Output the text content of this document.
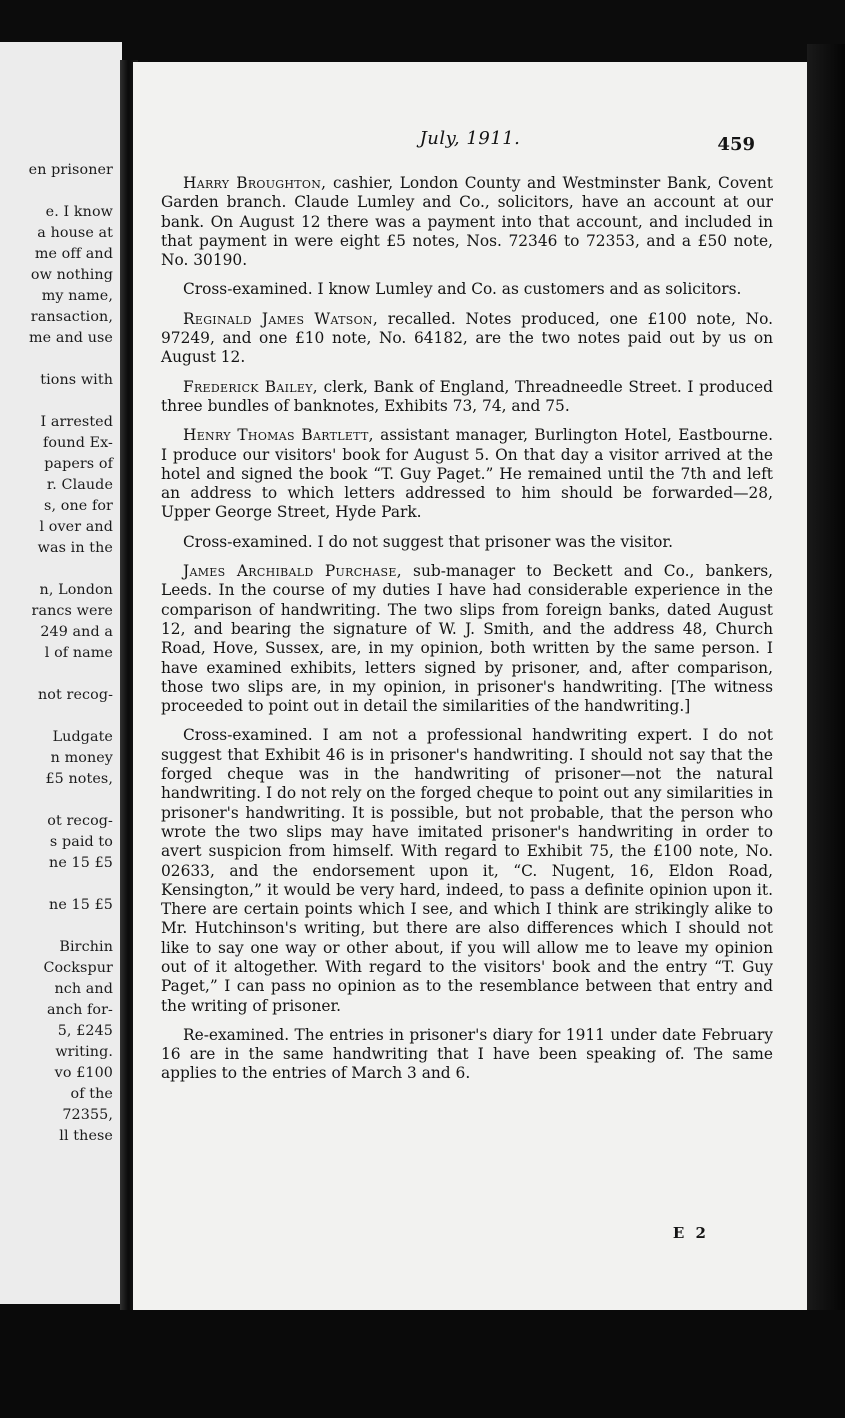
en prisoner
e. I know
a house at
me off and
ow nothing
my name,
ransaction,
me and use
tions with
I arrested
found Ex-
papers of
r. Claude
s, one for
l over and
was in the
n, London
rancs were
249 and a
l of name
not recog-
Ludgate
n money
£5 notes,
ot recog-
s paid to
ne 15 £5
ne 15 £5
Birchin
Cockspur
nch and
anch for-
5, £245
writing.
vo £100
of the
72355,
ll these
July, 1911.	459

Harry Broughton, cashier, London County and Westminster Bank, Covent Garden branch. Claude Lumley and Co., solicitors, have an account at our bank. On August 12 there was a payment into that account, and included in that payment in were eight £5 notes, Nos. 72346 to 72353, and a £50 note, No. 30190.

Cross-examined. I know Lumley and Co. as customers and as solicitors.

Reginald James Watson, recalled. Notes produced, one £100 note, No. 97249, and one £10 note, No. 64182, are the two notes paid out by us on August 12.

Frederick Bailey, clerk, Bank of England, Threadneedle Street. I produced three bundles of banknotes, Exhibits 73, 74, and 75.

Henry Thomas Bartlett, assistant manager, Burlington Hotel, Eastbourne. I produce our visitors' book for August 5. On that day a visitor arrived at the hotel and signed the book “T. Guy Paget.” He remained until the 7th and left an address to which letters addressed to him should be forwarded—28, Upper George Street, Hyde Park.

Cross-examined. I do not suggest that prisoner was the visitor.

James Archibald Purchase, sub-manager to Beckett and Co., bankers, Leeds. In the course of my duties I have had considerable experience in the comparison of handwriting. The two slips from foreign banks, dated August 12, and bearing the signature of W. J. Smith, and the address 48, Church Road, Hove, Sussex, are, in my opinion, both written by the same person. I have examined exhibits, letters signed by prisoner, and, after comparison, those two slips are, in my opinion, in prisoner's handwriting. [The witness proceeded to point out in detail the similarities of the handwriting.]

Cross-examined. I am not a professional handwriting expert. I do not suggest that Exhibit 46 is in prisoner's handwriting. I should not say that the forged cheque was in the handwriting of prisoner—not the natural handwriting. I do not rely on the forged cheque to point out any similarities in prisoner's handwriting. It is possible, but not probable, that the person who wrote the two slips may have imitated prisoner's handwriting in order to avert suspicion from himself. With regard to Exhibit 75, the £100 note, No. 02633, and the endorsement upon it, “C. Nugent, 16, Eldon Road, Kensington,” it would be very hard, indeed, to pass a definite opinion upon it. There are certain points which I see, and which I think are strikingly alike to Mr. Hutchinson's writing, but there are also differences which I should not like to say one way or other about, if you will allow me to leave my opinion out of it altogether. With regard to the visitors' book and the entry “T. Guy Paget,” I can pass no opinion as to the resemblance between that entry and the writing of prisoner.

Re-examined. The entries in prisoner's diary for 1911 under date February 16 are in the same handwriting that I have been speaking of. The same applies to the entries of March 3 and 6.

E 2
